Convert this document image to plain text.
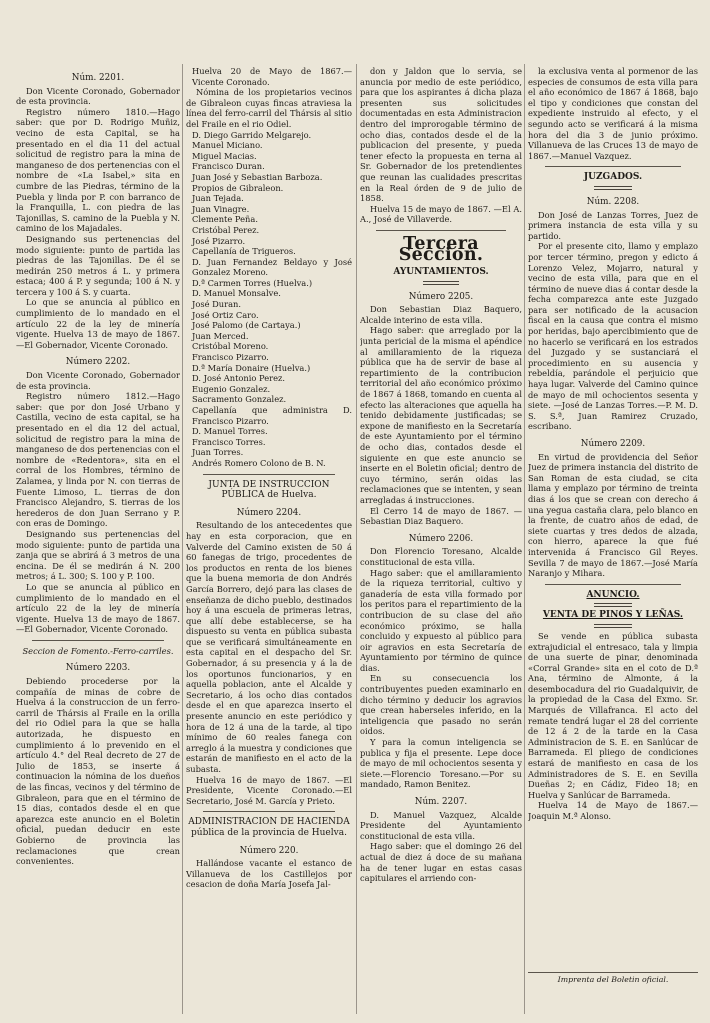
Núm. 2201.

Don Vicente Coronado, Gobernador de esta provincia.

Registro número 1810.—Hago saber: que por D. Rodrigo Muñiz, vecino de esta Capital, se ha presentado en el dia 11 del actual solicitud de registro para la mina de manganeso de dos pertenencias con el nombre de «La Isabel,» sita en cumbre de las Piedras, término de la Puebla y linda por P. con barranco de la Franquilla, L. con piedra de las Tajonillas, S. camino de la Puebla y N. camino de los Majadales.

Designando sus pertenencias del modo siguiente: punto de partida las piedras de las Tajonillas. De él se medirán 250 metros á L. y primera estaca; 400 á P. y segunda; 100 á N. y tercera y 100 á S. y cuarta.

Lo que se anuncia al público en cumplimiento de lo mandado en el artículo 22 de la ley de minería vigente. Huelva 13 de mayo de 1867.—El Gobernador, Vicente Coronado.

Número 2202.

Don Vicente Coronado, Gobernador de esta provincia.

Registro número 1812.—Hago saber: que por don José Urbano y Castilla, vecino de esta capital, se ha presentado en el dia 12 del actual, solicitud de registro para la mina de manganeso de dos pertenencias con el nombre de «Redentora», sita en el corral de los Hombres, término de Zalamea, y linda por N. con tierras de Fuente Limoso, L. tierras de don Francisco Alejandro, S. tierras de los herederos de don Juan Serrano y P. con eras de Domingo.

Designando sus pertenencias del modo siguiente: punto de partida una zanja que se abrirá á 3 metros de una encina. De él se medirán á N. 200 metros; á L. 300; S. 100 y P. 100.

Lo que se anuncia al público en cumplimiento de lo mandado en el artículo 22 de la ley de minería vigente. Huelva 13 de mayo de 1867.—El Gobernador, Vicente Coronado.

Seccion de Fomento.-Ferro-carriles.

Número 2203.

Debiendo procederse por la compañía de minas de cobre de Huelva á la construccion de un ferro-carril de Thársis al Fraile en la orilla del rio Odiel para la que se halla autorizada, he dispuesto en cumplimiento á lo prevenido en el artículo 4.° del Real decreto de 27 de Julio de 1853, se inserte á continuacion la nómina de los dueños de las fincas, vecinos y del término de Gibraleon, para que en el término de 15 dias, contados desde el en que aparezca este anuncio en el Boletin oficial, puedan deducir en este Gobierno de provincia las reclamaciones que crean convenientes.

Huelva 20 de Mayo de 1867.— Vicente Coronado.

Nómina de los propietarios vecinos de Gibraleon cuyas fincas atraviesa la línea del ferro-carril del Thársis al sitio del Fraile en el rio Odiel.

D. Diego Garrido Melgarejo.

Manuel Miciano.

Miguel Macias.

Francisco Duran.

Juan José y Sebastian Barboza.

Propios de Gibraleon.

Juan Tejada.

Juan Vinagre.

Clemente Peña.

Cristóbal Perez.

José Pizarro.

Capellanía de Trigueros.

D. Juan Fernandez Beldayo y José Gonzalez Moreno.

D.ª Carmen Torres (Huelva.)

D. Manuel Monsalve.

José Duran.

José Ortiz Caro.

José Palomo (de Cartaya.)

Juan Merced.

Cristóbal Moreno.

Francisco Pizarro.

D.ª María Donaire (Huelva.)

D. José Antonio Perez.

Eugenio Gonzalez.

Sacramento Gonzalez.

Capellanía que administra D. Francisco Pizarro.

D. Manuel Torres.

Francisco Torres.

Juan Torres.

Andrés Romero Colono de B. N.

JUNTA DE INSTRUCCION PÚBLICA de Huelva.

Número 2204.

Resultando de los antecedentes que hay en esta corporacion, que en Valverde del Camino existen de 50 á 60 fanegas de trigo, procedentes de los productos en renta de los bienes que la buena memoria de don Andrés García Borrero, dejó para las clases de enseñanza de dicho pueblo, destinados hoy á una escuela de primeras letras, que allí debe establecerse, se ha dispuesto su venta en pública subasta que se verificará simultáneamente en esta capital en el despacho del Sr. Gobernador, á su presencia y á la de los oportunos funcionarios, y en aquella poblacion, ante el Alcalde y Secretario, á los ocho dias contados desde el en que aparezca inserto el presente anuncio en este periódico y hora de 12 á una de la tarde, al tipo mínimo de 60 reales fanega con arreglo á la muestra y condiciones que estarán de manifiesto en el acto de la subasta.

Huelva 16 de mayo de 1867. —El Presidente, Vicente Coronado.—El Secretario, José M. García y Prieto.

ADMINISTRACION DE HACIENDA pública de la provincia de Huelva.

Número 220.

Hallándose vacante el estanco de Villanueva de los Castillejos por cesacion de doña María Josefa Jal-

don y Jaldon que lo servia, se anuncia por medio de este periódico, para que los aspirantes á dicha plaza presenten sus solicitudes documentadas en esta Administracion dentro del improrogable término de ocho dias, contados desde el de la publicacion del presente, y pueda tener efecto la propuesta en terna al Sr. Gobernador de los pretendientes que reunan las cualidades prescritas en la Real órden de 9 de julio de 1858.

Huelva 15 de mayo de 1867. —El A. A., José de Villaverde.

Tercera Seccion.

AYUNTAMIENTOS.

Número 2205.

Don Sebastian Diaz Baquero, Alcalde interino de esta villa.

Hago saber: que arreglado por la junta pericial de la misma el apéndice al amillaramiento de la riqueza pública que ha de servir de base al repartimiento de la contribucion territorial del año económico próximo de 1867 á 1868, tomando en cuenta al efecto las alteraciones que aquella ha tenido debidamente justificadas; se expone de manifiesto en la Secretaría de este Ayuntamiento por el término de ocho dias, contados desde el siguiente en que este anuncio se inserte en el Boletin oficial; dentro de cuyo término, serán oidas las reclamaciones que se intenten, y sean arregladas á instrucciones.

El Cerro 14 de mayo de 1867. —Sebastian Diaz Baquero.

Número 2206.

Don Florencio Toresano, Alcalde constitucional de esta villa.

Hago saber: que el amillaramiento de la riqueza territorial, cultivo y ganadería de esta villa formado por los peritos para el repartimiento de la contribucion de su clase del año económico próximo, se halla concluido y expuesto al público para oir agravios en esta Secretaría de Ayuntamiento por término de quince dias.

En su consecuencia los contribuyentes pueden examinarlo en dicho término y deducir los agravios que crean haberseles inferido, en la inteligencia que pasado no serán oidos.

Y para la comun inteligencia se publica y fija el presente. Lepe doce de mayo de mil ochocientos sesenta y siete.—Florencio Toresano.—Por su mandado, Ramon Benitez.

Núm. 2207.

D. Manuel Vazquez, Alcalde Presidente del Ayuntamiento constitucional de esta villa.

Hago saber: que el domingo 26 del actual de diez á doce de su mañana ha de tener lugar en estas casas capitulares el arriendo con-

la exclusiva venta al pormenor de las especies de consumos de esta villa para el año económico de 1867 á 1868, bajo el tipo y condiciones que constan del expediente instruido al efecto, y el segundo acto se verificará á la misma hora del dia 3 de junio próximo. Villanueva de las Cruces 13 de mayo de 1867.—Manuel Vazquez.

JUZGADOS.

Núm. 2208.

Don José de Lanzas Torres, Juez de primera instancia de esta villa y su partido.

Por el presente cito, llamo y emplazo por tercer término, pregon y edicto á Lorenzo Velez, Mojarro, natural y vecino de esta villa, para que en el término de nueve dias á contar desde la fecha comparezca ante este Juzgado para ser notificado de la acusacion fiscal en la causa que contra el mismo por heridas, bajo apercibimiento que de no hacerlo se verificará en los estrados del Juzgado y se sustanciará el procedimiento en su ausencia y rebeldía, parándole el perjuicio que haya lugar. Valverde del Camino quince de mayo de mil ochocientos sesenta y siete. —José de Lanzas Torres.—P. M. D. S. S.ª, Juan Ramirez Cruzado, escribano.

Número 2209.

En virtud de providencia del Señor Juez de primera instancia del distrito de San Roman de esta ciudad, se cita llama y emplazo por término de treinta dias á los que se crean con derecho á una yegua castaña clara, pelo blanco en la frente, de cuatro años de edad, de siete cuartas y tres dedos de alzada, con hierro, aparece la que fué intervenida á Francisco Gil Reyes. Sevilla 7 de mayo de 1867.—José María Naranjo y Mihara.

ANUNCIO.

VENTA DE PINOS Y LEÑAS.

Se vende en pública subasta extrajudicial el entresaco, tala y limpia de una suerte de pinar, denominada «Corral Grande» sita en el coto de D.ª Ana, término de Almonte, á la desembocadura del rio Guadalquivir, de la propiedad de la Casa del Exmo. Sr. Marqués de Villafranca. El acto del remate tendrá lugar el 28 del corriente de 12 á 2 de la tarde en la Casa Administracion de S. E. en Sanlúcar de Barrameda. El pliego de condiciones estará de manifiesto en casa de los Administradores de S. E. en Sevilla Dueñas 2; en Cádiz, Fideo 18; en Huelva y Sanlúcar de Barrameda.

Huelva 14 de Mayo de 1867.— Joaquin M.ª Alonso.

Imprenta del Boletin oficial.
